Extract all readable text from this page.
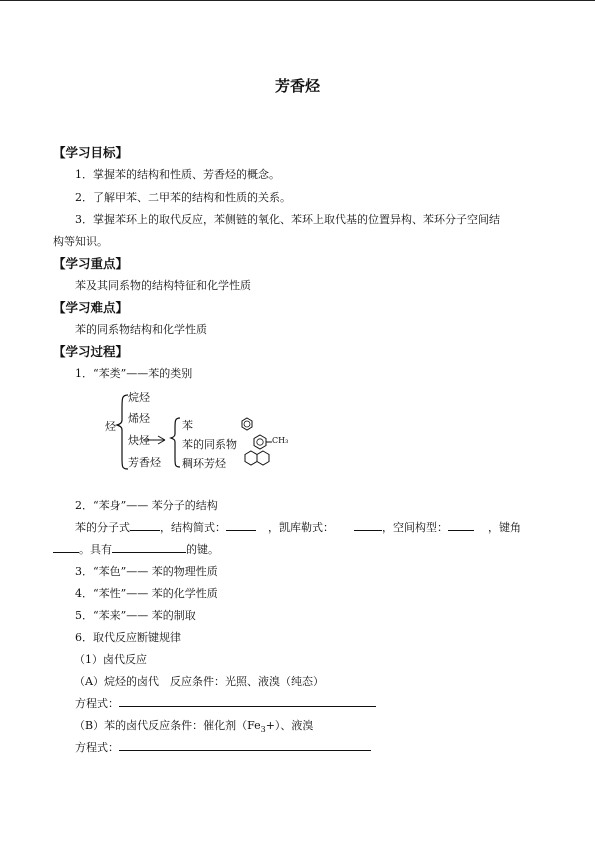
芳香烃
【学习目标】
1．掌握苯的结构和性质、芳香烃的概念。
2．了解甲苯、二甲苯的结构和性质的关系。
3．掌握苯环上的取代反应，苯侧链的氧化、苯环上取代基的位置异构、苯环分子空间结
构等知识。
【学习重点】
苯及其同系物的结构特征和化学性质
【学习难点】
苯的同系物结构和化学性质
【学习过程】
1．“苯类”——苯的类别
烃
烷烃
烯烃
炔烃
芳香烃
苯
苯的同系物
稠环芳烃
CH₃
2．“苯身”—— 苯分子的结构
苯的分子式	，结构简式：	，凯库勒式：	，空间构型：	，键角
。具有	的键。
3．“苯色”—— 苯的物理性质
4．“苯性”—— 苯的化学性质
5．“苯来”—— 苯的制取
6．取代反应断键规律
（1）卤代反应
（A）烷烃的卤代　反应条件：光照、液溴（纯态）
方程式：
（B）苯的卤代反应条件：催化剂$(Fe_3+)$、液溴
方程式：
